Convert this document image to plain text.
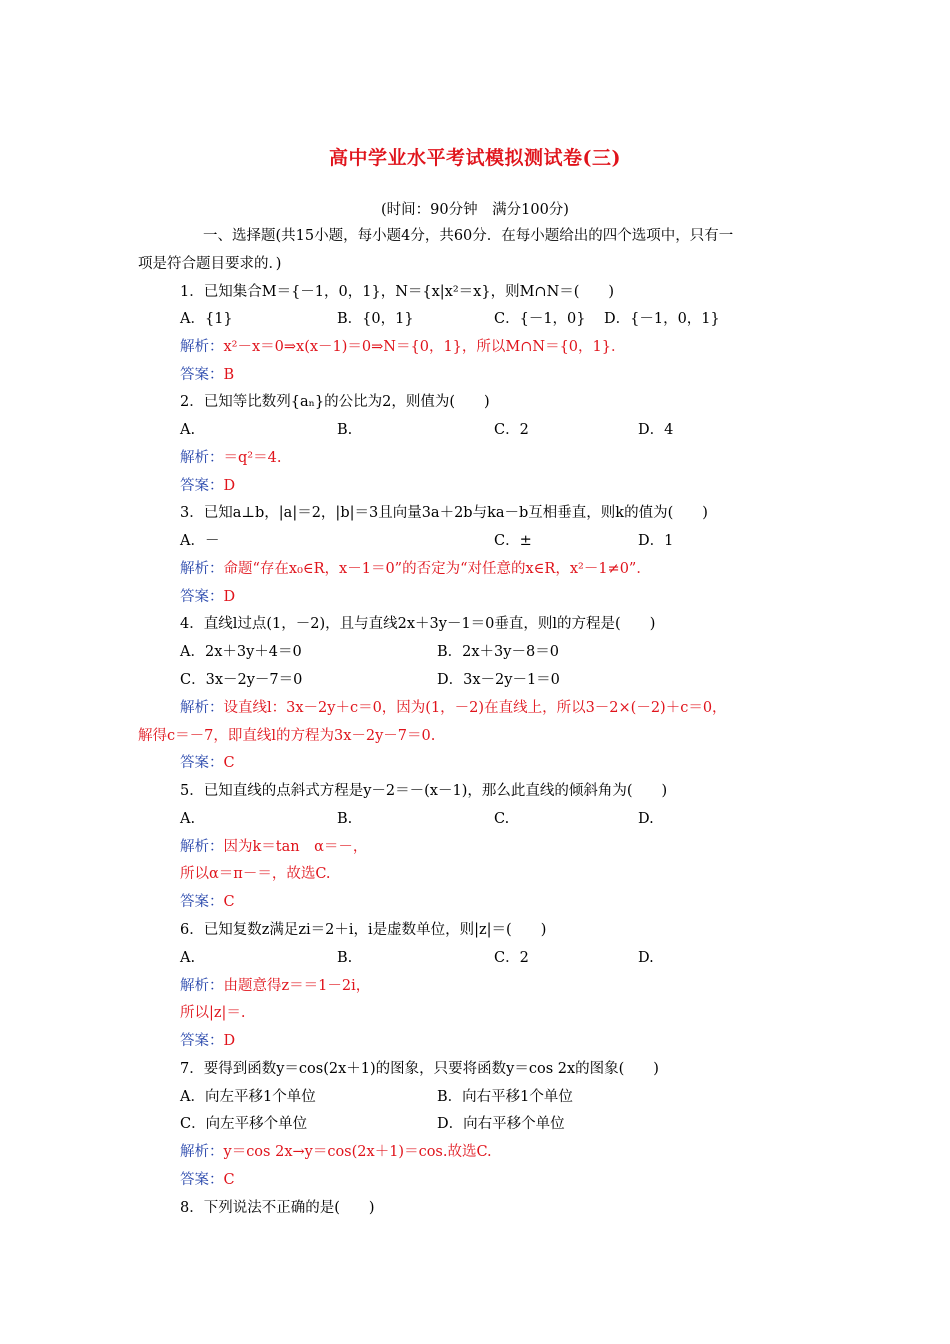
高中学业水平考试模拟测试卷(三)
(时间：90分钟　满分100分)
一、选择题(共15小题，每小题4分，共60分．在每小题给出的四个选项中，只有一
项是符合题目要求的．)
1．已知集合M＝{－1，0，1}，N＝{x|x²＝x}，则M∩N＝(　　)
A．{1}	B．{0，1}	C．{－1，0} D．{－1，0，1}
解析：x²－x＝0⇒x(x－1)＝0⇒N＝{0，1}，所以M∩N＝{0，1}．
答案：B
2．已知等比数列{aₙ}的公比为2，则值为(　　)
A.	B.	C．2	D．4
解析：＝q²＝4.
答案：D
3．已知a⊥b，|a|＝2，|b|＝3且向量3a＋2b与ka－b互相垂直，则k的值为(　　)
A．－	C．±	D．1
解析：命题“存在x₀∈R，x－1＝0”的否定为“对任意的x∈R，x²－1≠0”．
答案：D
4．直线l过点(1，－2)，且与直线2x＋3y－1＝0垂直，则l的方程是(　　)
A．2x＋3y＋4＝0	B．2x＋3y－8＝0
C．3x－2y－7＝0	D．3x－2y－1＝0
解析：设直线l：3x－2y＋c＝0，因为(1，－2)在直线上，所以3－2×(－2)＋c＝0，
解得c＝－7，即直线l的方程为3x－2y－7＝0.
答案：C
5．已知直线的点斜式方程是y－2＝－(x－1)，那么此直线的倾斜角为(　　)
A.	B.	C.	D.
解析：因为k＝tan　α＝－，
所以α＝π－＝，故选C.
答案：C
6．已知复数z满足zi＝2＋i，i是虚数单位，则|z|＝(　　)
A.	B.	C．2	D.
解析：由题意得z＝＝1－2i，
所以|z|＝.
答案：D
7．要得到函数y＝cos(2x＋1)的图象，只要将函数y＝cos 2x的图象(　　)
A．向左平移1个单位	B．向右平移1个单位
C．向左平移个单位	D．向右平移个单位
解析：y＝cos 2x→y＝cos(2x＋1)＝cos.故选C.
答案：C
8．下列说法不正确的是(　　)
